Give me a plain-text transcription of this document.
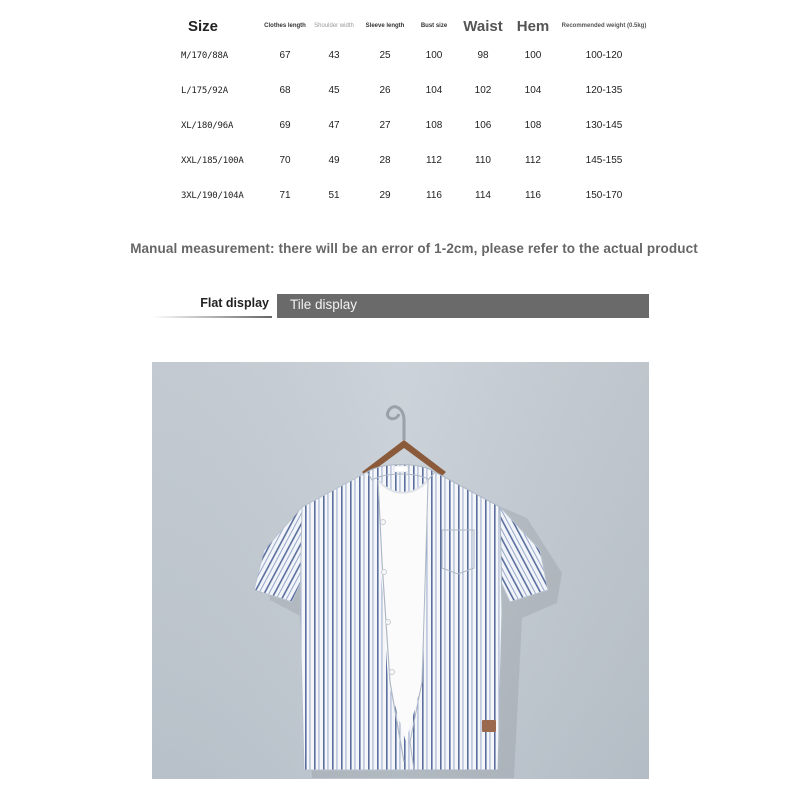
Size	Clothes length	Shoulder width	Sleeve length	Bust size	Waist	Hem	Recommended weight (0.5kg)
M/170/88A	67	43	25	100	98	100	100-120
L/175/92A	68	45	26	104	102	104	120-135
XL/180/96A	69	47	27	108	106	108	130-145
XXL/185/100A	70	49	28	112	110	112	145-155
3XL/190/104A	71	51	29	116	114	116	150-170
Manual measurement: there will be an error of 1-2cm, please refer to the actual product
Flat display Tile display
